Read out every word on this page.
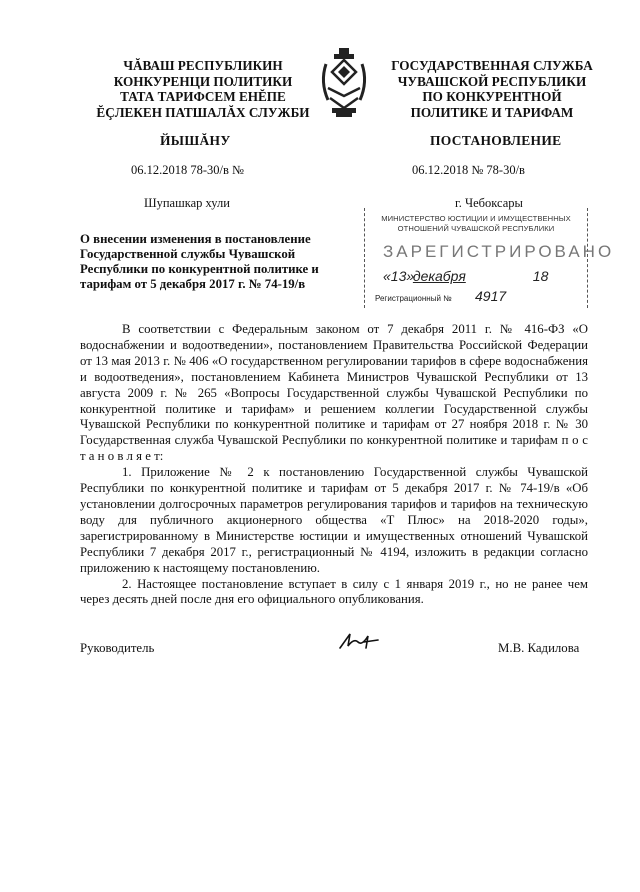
ЧĂВАШ РЕСПУБЛИКИН
КОНКУРЕНЦИ ПОЛИТИКИ
ТАТА ТАРИФСЕМ ЕНĔПЕ
ĔÇЛЕКЕН ПАТШАЛĂХ СЛУЖБИ
ГОСУДАРСТВЕННАЯ СЛУЖБА
ЧУВАШСКОЙ РЕСПУБЛИКИ
ПО КОНКУРЕНТНОЙ
ПОЛИТИКЕ И ТАРИФАМ
ЙЫШĂНУ	ПОСТАНОВЛЕНИЕ
06.12.2018 78-30/в №	06.12.2018 № 78-30/в
Шупашкар хули	г. Чебоксары
МИНИСТЕРСТВО ЮСТИЦИИ И ИМУЩЕСТВЕННЫХ
ОТНОШЕНИЙ ЧУВАШСКОЙ РЕСПУБЛИКИ
ЗАРЕГИСТРИРОВАНО
«13» декабря	18
Регистрационный № 4917
О внесении изменения в постановление
Государственной службы Чувашской
Республики по конкурентной политике и
тарифам от 5 декабря 2017 г. № 74-19/в

В соответствии с Федеральным законом от 7 декабря 2011 г. № 416-ФЗ «О водоснабжении и водоотведении», постановлением Правительства Российской Федерации от 13 мая 2013 г. № 406 «О государственном регулировании тарифов в сфере водоснабжения и водоотведения», постановлением Кабинета Министров Чувашской Республики от 13 августа 2009 г. № 265 «Вопросы Государственной службы Чувашской Республики по конкурентной политике и тарифам» и решением коллегии Государственной службы Чувашской Республики по конкурентной политике и тарифам от 27 ноября 2018 г. № 30 Государственная служба Чувашской Республики по конкурентной политике и тарифам п о с т а н о в л я е т:

1. Приложение № 2 к постановлению Государственной службы Чувашской Республики по конкурентной политике и тарифам от 5 декабря 2017 г. № 74-19/в «Об установлении долгосрочных параметров регулирования тарифов и тарифов на техническую воду для публичного акционерного общества «Т Плюс» на 2018-2020 годы», зарегистрированному в Министерстве юстиции и имущественных отношений Чувашской Республики 7 декабря 2017 г., регистрационный № 4194, изложить в редакции согласно приложению к настоящему постановлению.

2. Настоящее постановление вступает в силу с 1 января 2019 г., но не ранее чем через десять дней после дня его официального опубликования.

Руководитель	М.В. Кадилова
